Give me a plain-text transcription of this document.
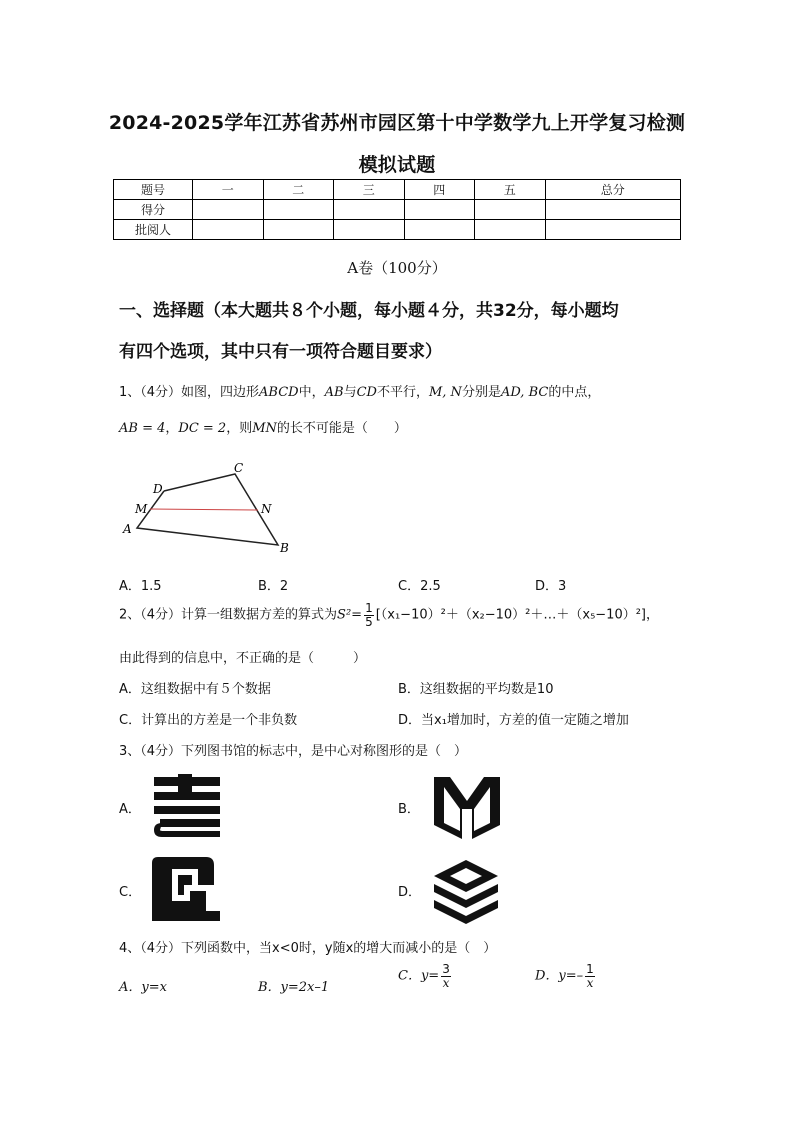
2024-2025学年江苏省苏州市园区第十中学数学九上开学复习检测
模拟试题
题号	一	二	三	四	五	总分
得分						
批阅人						
A卷（100分）
一、选择题（本大题共８个小题，每小题４分，共32分，每小题均
有四个选项，其中只有一项符合题目要求）
1、（4分）如图，四边形ABCD中，AB与CD不平行，M, N分别是AD, BC的中点，
AB = 4，DC = 2，则MN的长不可能是（　　）
C
D
M	N
A
B
A．1.5	B．2	C．2.5	D．3
2、（4分）计算一组数据方差的算式为$S^2= \frac{1}{5}$ [（x₁−10）²＋（x₂−10）²＋…＋（x₅−10）²]，
由此得到的信息中，不正确的是（　　　）
A．这组数据中有５个数据	B．这组数据的平均数是10
C．计算出的方差是一个非负数	D．当x₁增加时，方差的值一定随之增加
3、（4分）下列图书馆的标志中，是中心对称图形的是（　）
A．	B．
C．	D．
4、（4分）下列函数中，当x<0时，y随x的增大而减小的是（　）
A．y=x	B．y=2x–1
C．$y= \frac{3}{x}$	D．$y=- \frac{1}{x}$
